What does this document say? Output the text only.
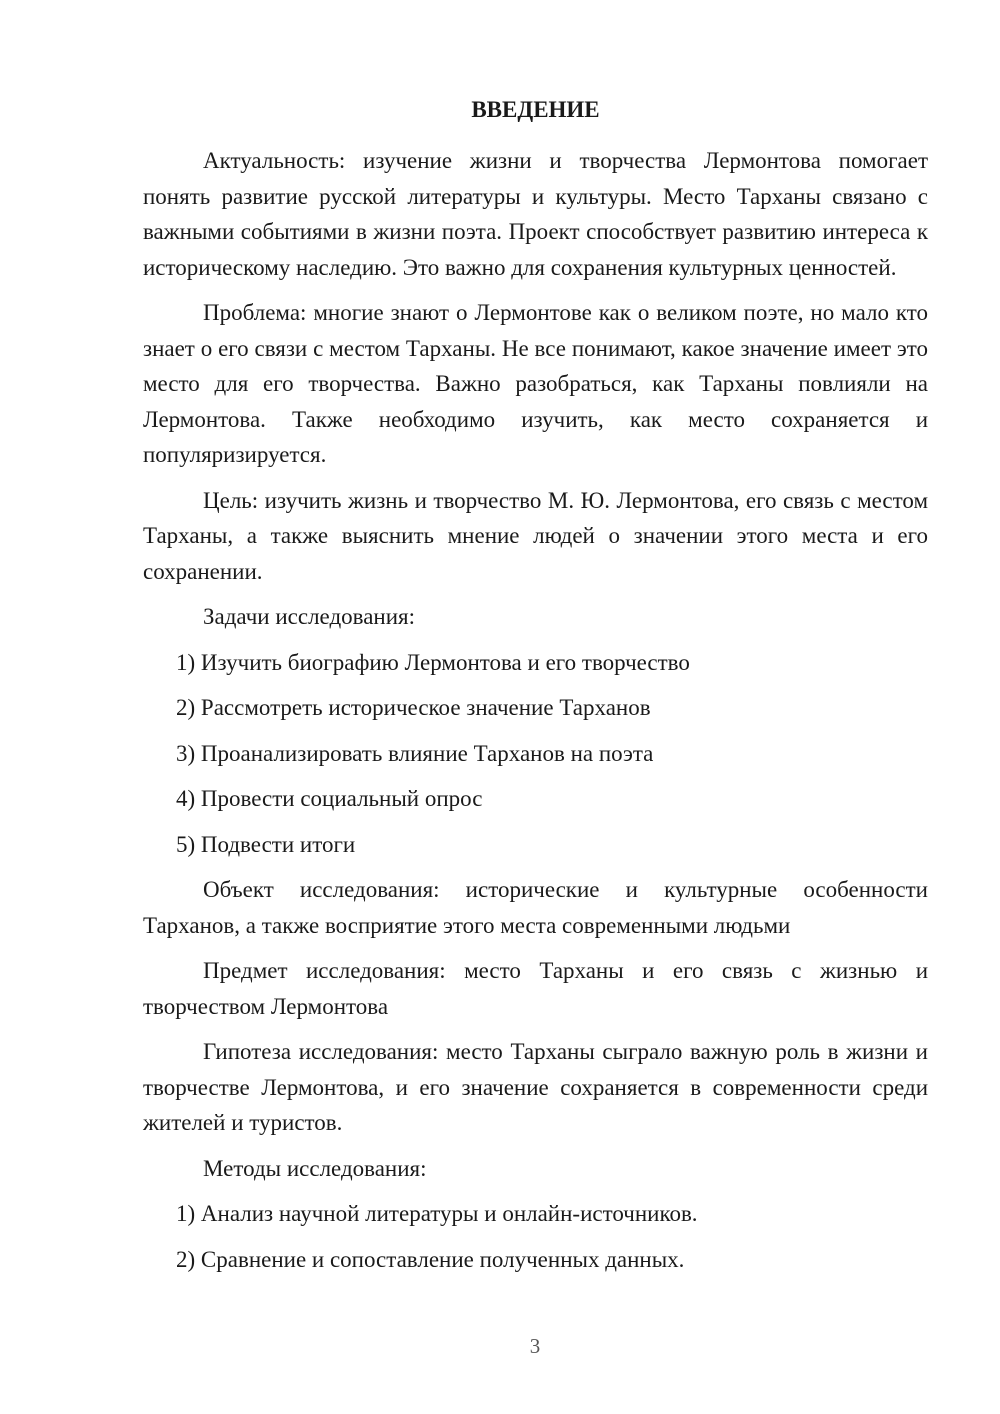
ВВЕДЕНИЕ

Актуальность: изучение жизни и творчества Лермонтова помогает понять развитие русской литературы и культуры. Место Тарханы связано с важными событиями в жизни поэта. Проект способствует развитию интереса к историческому наследию. Это важно для сохранения культурных ценностей.

Проблема: многие знают о Лермонтове как о великом поэте, но мало кто знает о его связи с местом Тарханы. Не все понимают, какое значение имеет это место для его творчества. Важно разобраться, как Тарханы повлияли на Лермонтова. Также необходимо изучить, как место сохраняется и популяризируется.

Цель: изучить жизнь и творчество М. Ю. Лермонтова, его связь с местом Тарханы, а также выяснить мнение людей о значении этого места и его сохранении.

Задачи исследования:

1) Изучить биографию Лермонтова и его творчество

2) Рассмотреть историческое значение Тарханов

3) Проанализировать влияние Тарханов на поэта

4) Провести социальный опрос

5) Подвести итоги

Объект исследования: исторические и культурные особенности Тарханов, а также восприятие этого места современными людьми

Предмет исследования: место Тарханы и его связь с жизнью и творчеством Лермонтова

Гипотеза исследования: место Тарханы сыграло важную роль в жизни и творчестве Лермонтова, и его значение сохраняется в современности среди жителей и туристов.

Методы исследования:

1) Анализ научной литературы и онлайн-источников.

2) Сравнение и сопоставление полученных данных.

3
